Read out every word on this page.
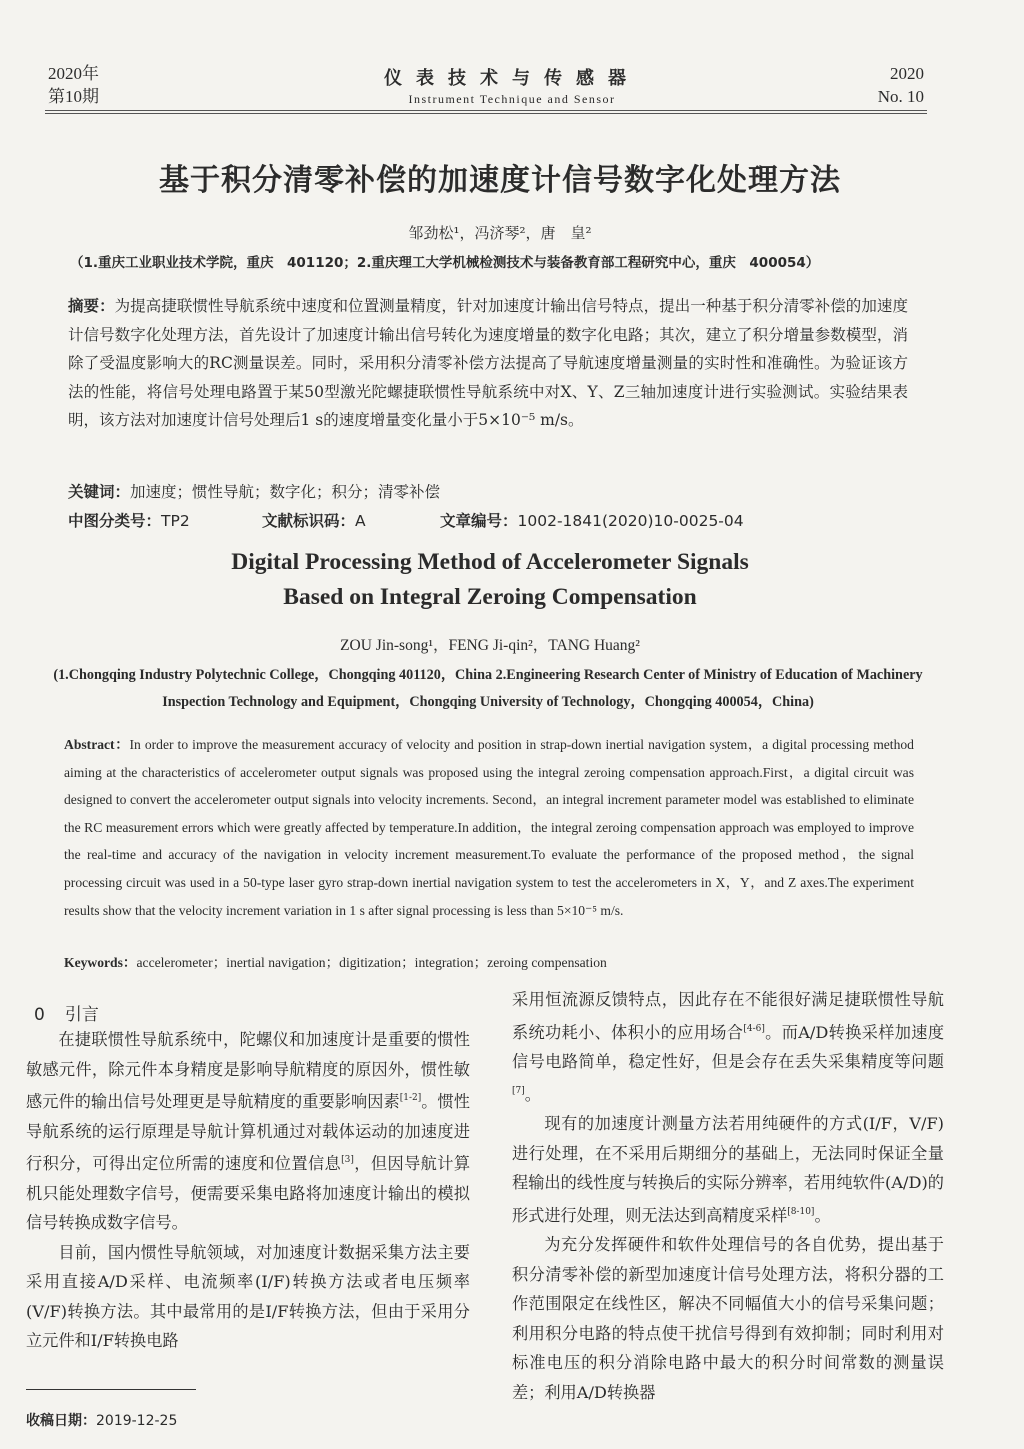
2020年
第10期
仪表技术与传感器
Instrument Technique and Sensor
2020
No. 10
基于积分清零补偿的加速度计信号数字化处理方法
邹劲松¹，冯济琴²，唐　皇²
（1.重庆工业职业技术学院，重庆　401120；2.重庆理工大学机械检测技术与装备教育部工程研究中心，重庆　400054）
摘要：为提高捷联惯性导航系统中速度和位置测量精度，针对加速度计输出信号特点，提出一种基于积分清零补偿的加速度计信号数字化处理方法，首先设计了加速度计输出信号转化为速度增量的数字化电路；其次，建立了积分增量参数模型，消除了受温度影响大的RC测量误差。同时，采用积分清零补偿方法提高了导航速度增量测量的实时性和准确性。为验证该方法的性能，将信号处理电路置于某50型激光陀螺捷联惯性导航系统中对X、Y、Z三轴加速度计进行实验测试。实验结果表明，该方法对加速度计信号处理后1 s的速度增量变化量小于5×10⁻⁵ m/s。
关键词：加速度；惯性导航；数字化；积分；清零补偿
中图分类号：TP2	文献标识码：A	文章编号：1002-1841(2020)10-0025-04
Digital Processing Method of Accelerometer Signals
Based on Integral Zeroing Compensation
ZOU Jin-song¹，FENG Ji-qin²，TANG Huang²
(1.Chongqing Industry Polytechnic College，Chongqing 401120，China 2.Engineering Research Center of Ministry of Education of Machinery Inspection Technology and Equipment，Chongqing University of Technology，Chongqing 400054，China)
Abstract：In order to improve the measurement accuracy of velocity and position in strap-down inertial navigation system，a digital processing method aiming at the characteristics of accelerometer output signals was proposed using the integral zeroing compensation approach.First，a digital circuit was designed to convert the accelerometer output signals into velocity increments. Second，an integral increment parameter model was established to eliminate the RC measurement errors which were greatly affected by temperature.In addition，the integral zeroing compensation approach was employed to improve the real-time and accuracy of the navigation in velocity increment measurement.To evaluate the performance of the proposed method，the signal processing circuit was used in a 50-type laser gyro strap-down inertial navigation system to test the accelerometers in X，Y，and Z axes.The experiment results show that the velocity increment variation in 1 s after signal processing is less than 5×10⁻⁵ m/s.
Keywords：accelerometer；inertial navigation；digitization；integration；zeroing compensation
0 引言

在捷联惯性导航系统中，陀螺仪和加速度计是重要的惯性敏感元件，除元件本身精度是影响导航精度的原因外，惯性敏感元件的输出信号处理更是导航精度的重要影响因素[1-2]。惯性导航系统的运行原理是导航计算机通过对载体运动的加速度进行积分，可得出定位所需的速度和位置信息[3]，但因导航计算机只能处理数字信号，便需要采集电路将加速度计输出的模拟信号转换成数字信号。

目前，国内惯性导航领域，对加速度计数据采集方法主要采用直接A/D采样、电流频率(I/F)转换方法或者电压频率(V/F)转换方法。其中最常用的是I/F转换方法，但由于采用分立元件和I/F转换电路

采用恒流源反馈特点，因此存在不能很好满足捷联惯性导航系统功耗小、体积小的应用场合[4-6]。而A/D转换采样加速度信号电路简单，稳定性好，但是会存在丢失采集精度等问题[7]。

现有的加速度计测量方法若用纯硬件的方式(I/F，V/F)进行处理，在不采用后期细分的基础上，无法同时保证全量程输出的线性度与转换后的实际分辨率，若用纯软件(A/D)的形式进行处理，则无法达到高精度采样[8-10]。

为充分发挥硬件和软件处理信号的各自优势，提出基于积分清零补偿的新型加速度计信号处理方法，将积分器的工作范围限定在线性区，解决不同幅值大小的信号采集问题；利用积分电路的特点使干扰信号得到有效抑制；同时利用对标准电压的积分消除电路中最大的积分时间常数的测量误差；利用A/D转换器

收稿日期：2019-12-25
